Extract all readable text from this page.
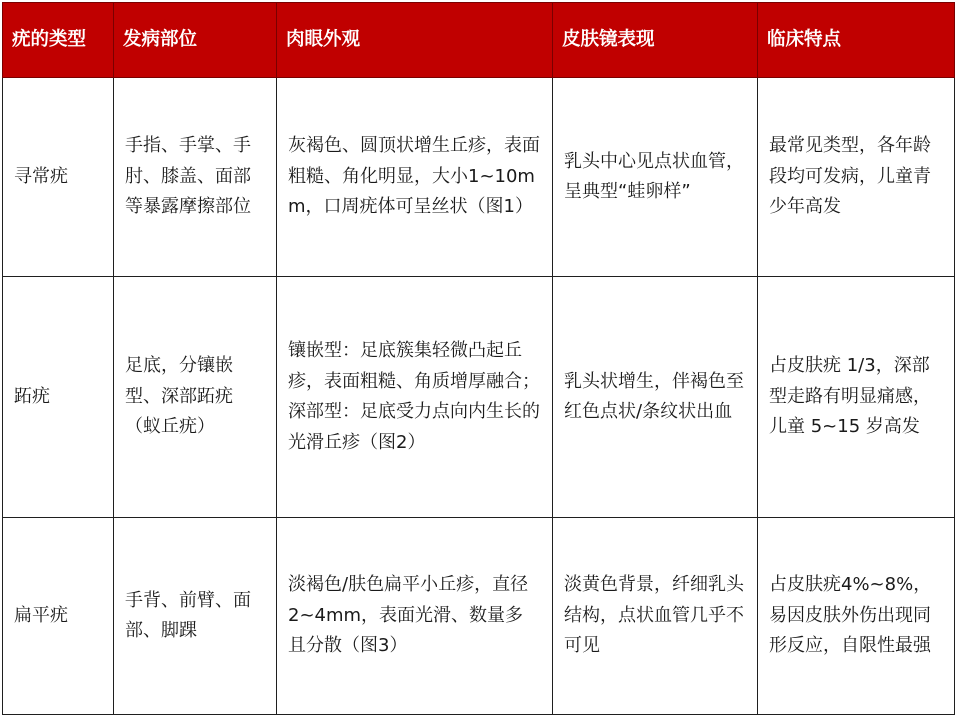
疣的类型	发病部位	肉眼外观	皮肤镜表现	临床特点
寻常疣	手指、手掌、手肘、膝盖、面部等暴露摩擦部位	灰褐色、圆顶状增生丘疹，表面粗糙、角化明显，大小1~10mm，口周疣体可呈丝状（图1）	乳头中心见点状血管，呈典型“蛙卵样”	最常见类型，各年龄段均可发病，儿童青少年高发
跖疣	足底，分镶嵌型、深部跖疣（蚁丘疣）	镶嵌型：足底簇集轻微凸起丘疹，表面粗糙、角质增厚融合；深部型：足底受力点向内生长的光滑丘疹（图2）	乳头状增生，伴褐色至红色点状/条纹状出血	占皮肤疣 1/3，深部型走路有明显痛感，儿童 5~15 岁高发
扁平疣	手背、前臂、面部、脚踝	淡褐色/肤色扁平小丘疹，直径 2~4mm，表面光滑、数量多且分散（图3）	淡黄色背景，纤细乳头结构，点状血管几乎不可见	占皮肤疣4%~8%，易因皮肤外伤出现同形反应，自限性最强
